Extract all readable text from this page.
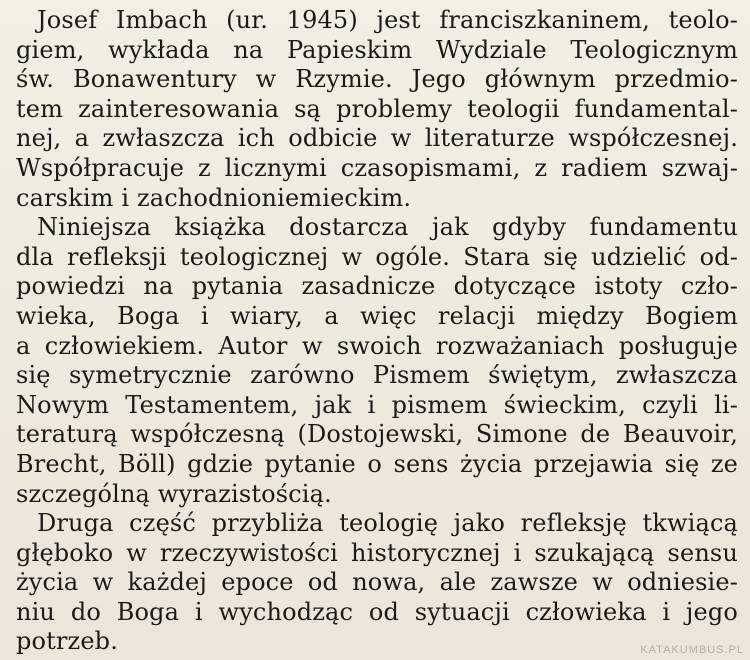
Josef Imbach (ur. 1945) jest franciszkaninem, teolo-
giem, wykłada na Papieskim Wydziale Teologicznym
św. Bonawentury w Rzymie. Jego głównym przedmio-
tem zainteresowania są problemy teologii fundamental-
nej, a zwłaszcza ich odbicie w literaturze współczesnej.
Współpracuje z licznymi czasopismami, z radiem szwaj-
carskim i zachodnioniemieckim.
Niniejsza książka dostarcza jak gdyby fundamentu
dla refleksji teologicznej w ogóle. Stara się udzielić od-
powiedzi na pytania zasadnicze dotyczące istoty czło-
wieka, Boga i wiary, a więc relacji między Bogiem
a człowiekiem. Autor w swoich rozważaniach posługuje
się symetrycznie zarówno Pismem świętym, zwłaszcza
Nowym Testamentem, jak i pismem świeckim, czyli li-
teraturą współczesną (Dostojewski, Simone de Beauvoir,
Brecht, Böll) gdzie pytanie o sens życia przejawia się ze
szczególną wyrazistością.
Druga część przybliża teologię jako refleksję tkwiącą
głęboko w rzeczywistości historycznej i szukającą sensu
życia w każdej epoce od nowa, ale zawsze w odniesie-
niu do Boga i wychodząc od sytuacji człowieka i jego
potrzeb.	KATAKUMBUS.PL
